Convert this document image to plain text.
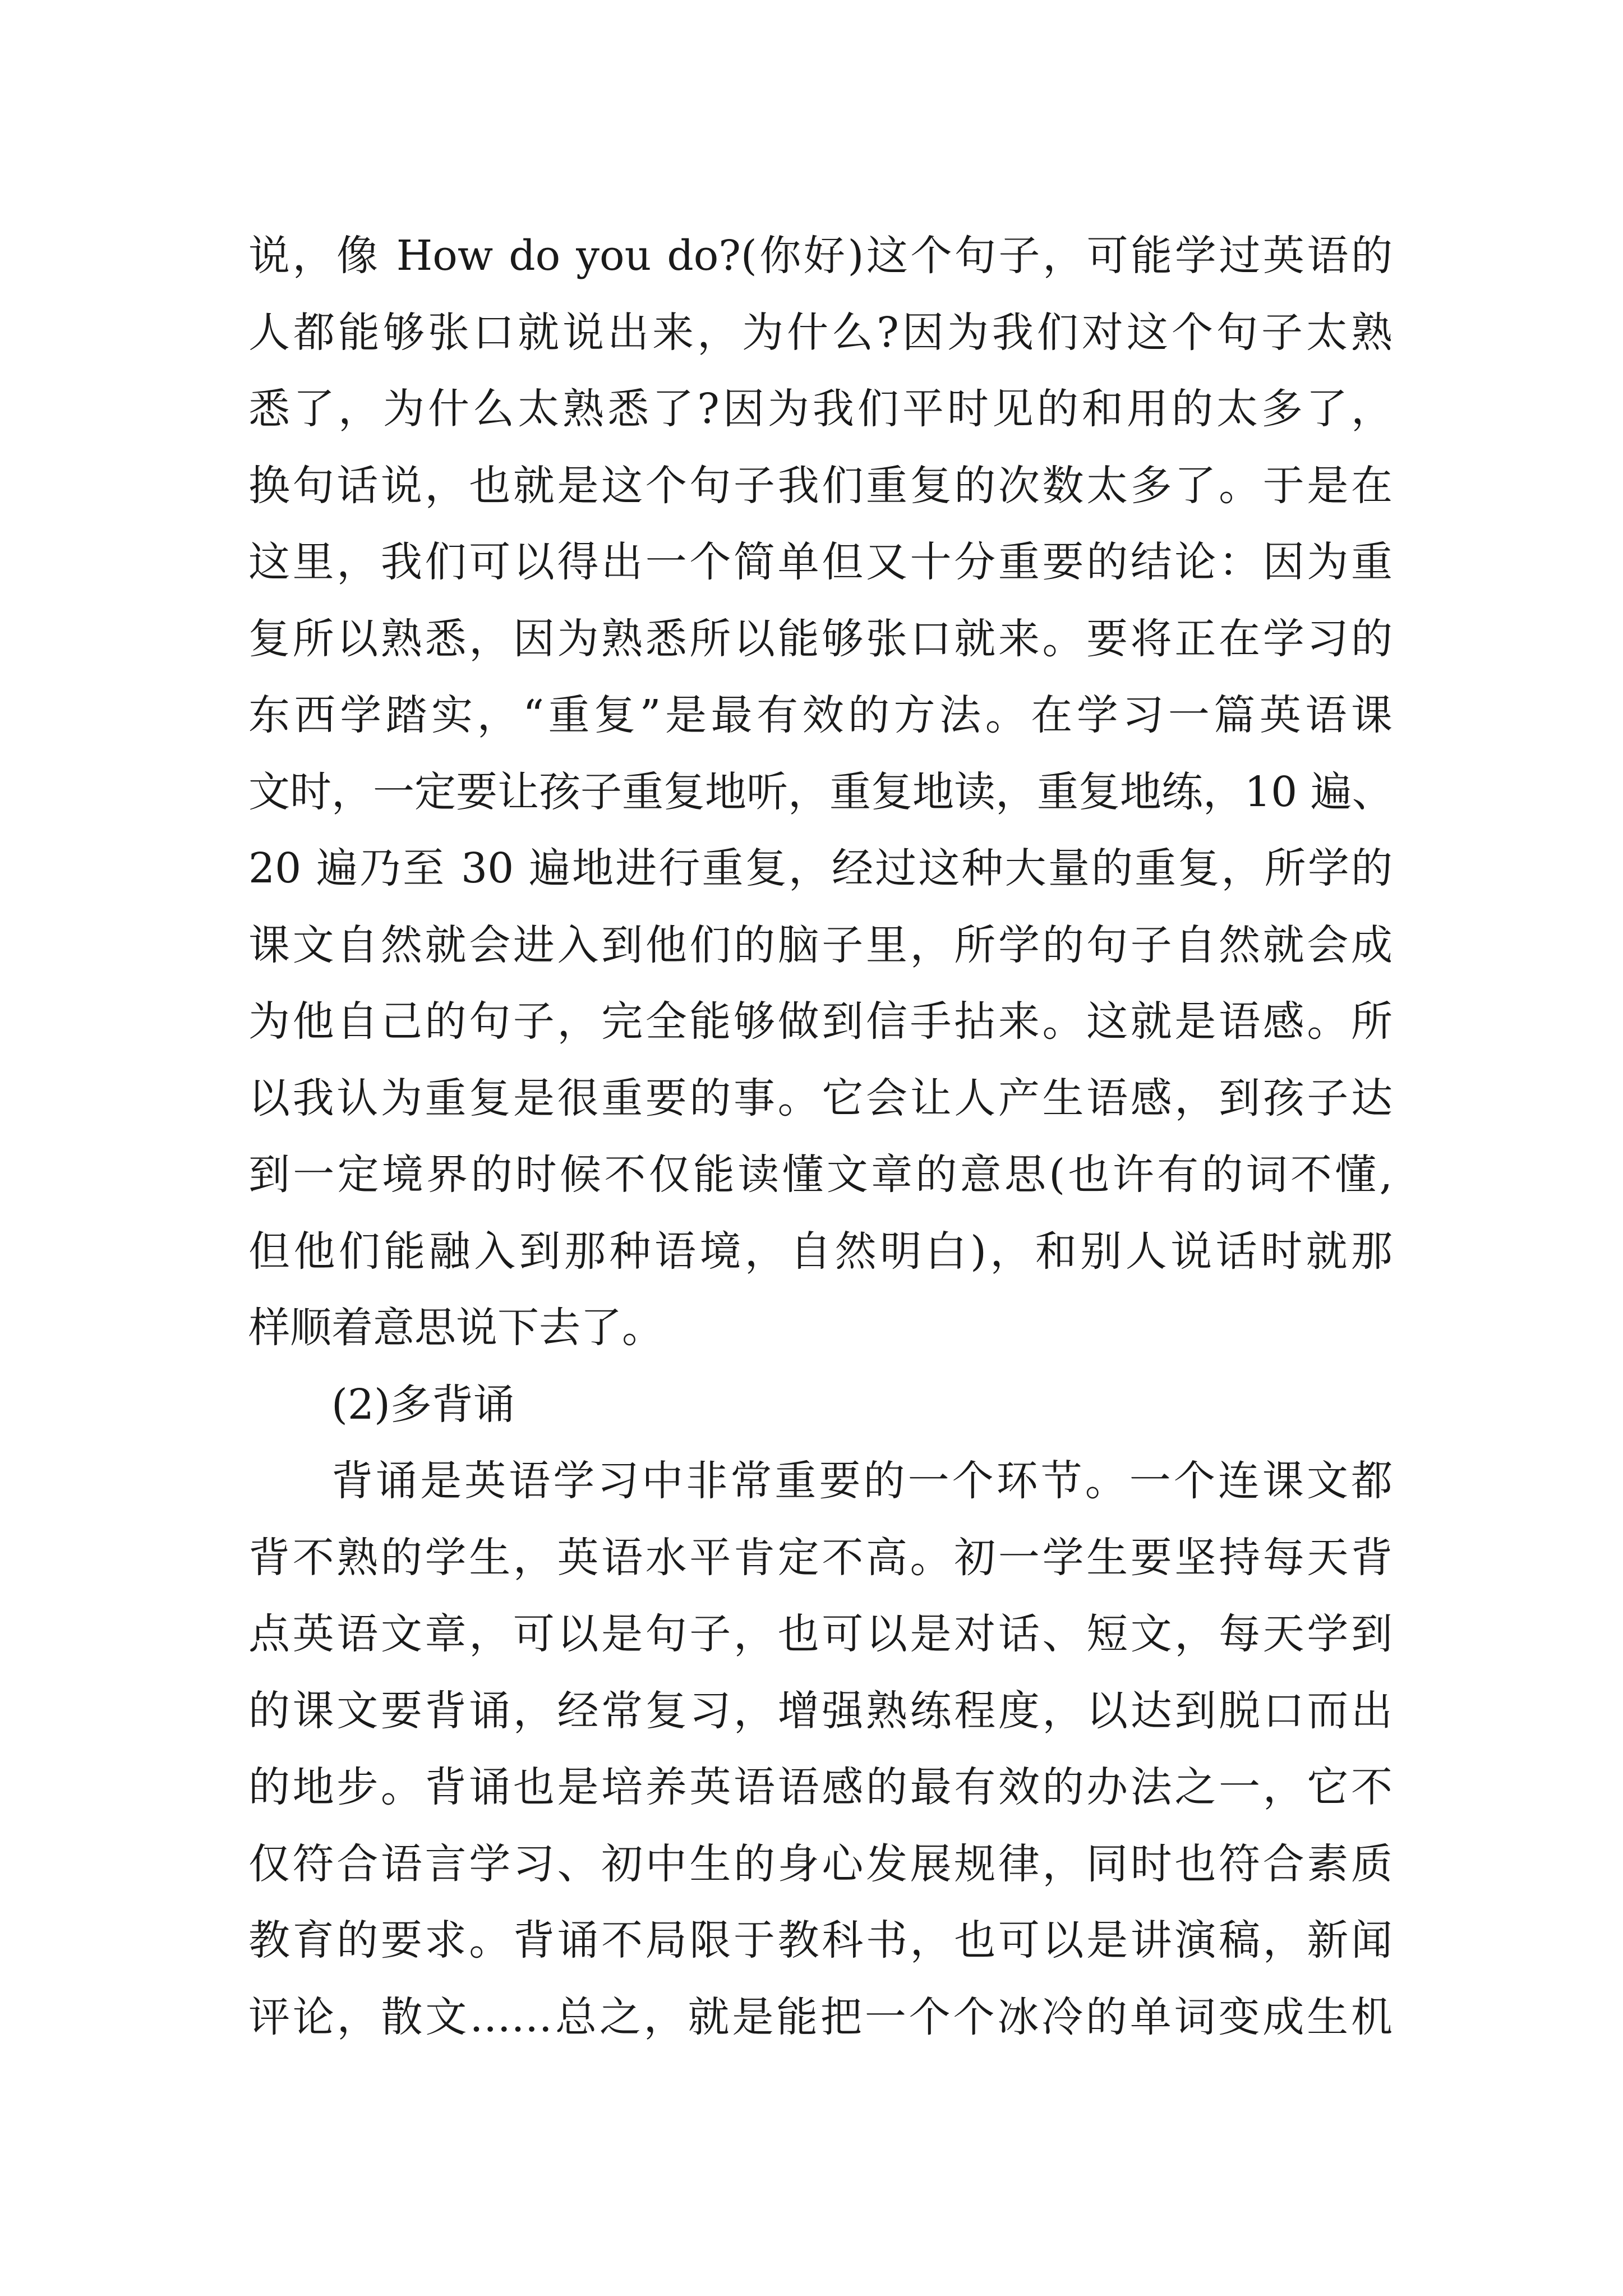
说，像 How do you do?(你好)这个句子，可能学过英语的
人都能够张口就说出来，为什么?因为我们对这个句子太熟
悉了，为什么太熟悉了?因为我们平时见的和用的太多了，
换句话说，也就是这个句子我们重复的次数太多了。于是在
这里，我们可以得出一个简单但又十分重要的结论：因为重
复所以熟悉，因为熟悉所以能够张口就来。要将正在学习的
东西学踏实，“重复”是最有效的方法。在学习一篇英语课
文时，一定要让孩子重复地听，重复地读，重复地练，10 遍、
20 遍乃至 30 遍地进行重复，经过这种大量的重复，所学的
课文自然就会进入到他们的脑子里，所学的句子自然就会成
为他自己的句子，完全能够做到信手拈来。这就是语感。所
以我认为重复是很重要的事。它会让人产生语感，到孩子达
到一定境界的时候不仅能读懂文章的意思(也许有的词不懂,
但他们能融入到那种语境，自然明白)，和别人说话时就那
样顺着意思说下去了。
(2)多背诵
背诵是英语学习中非常重要的一个环节。一个连课文都
背不熟的学生，英语水平肯定不高。初一学生要坚持每天背
点英语文章，可以是句子，也可以是对话、短文，每天学到
的课文要背诵，经常复习，增强熟练程度，以达到脱口而出
的地步。背诵也是培养英语语感的最有效的办法之一，它不
仅符合语言学习、初中生的身心发展规律，同时也符合素质
教育的要求。背诵不局限于教科书，也可以是讲演稿，新闻
评论，散文……总之，就是能把一个个冰冷的单词变成生机
